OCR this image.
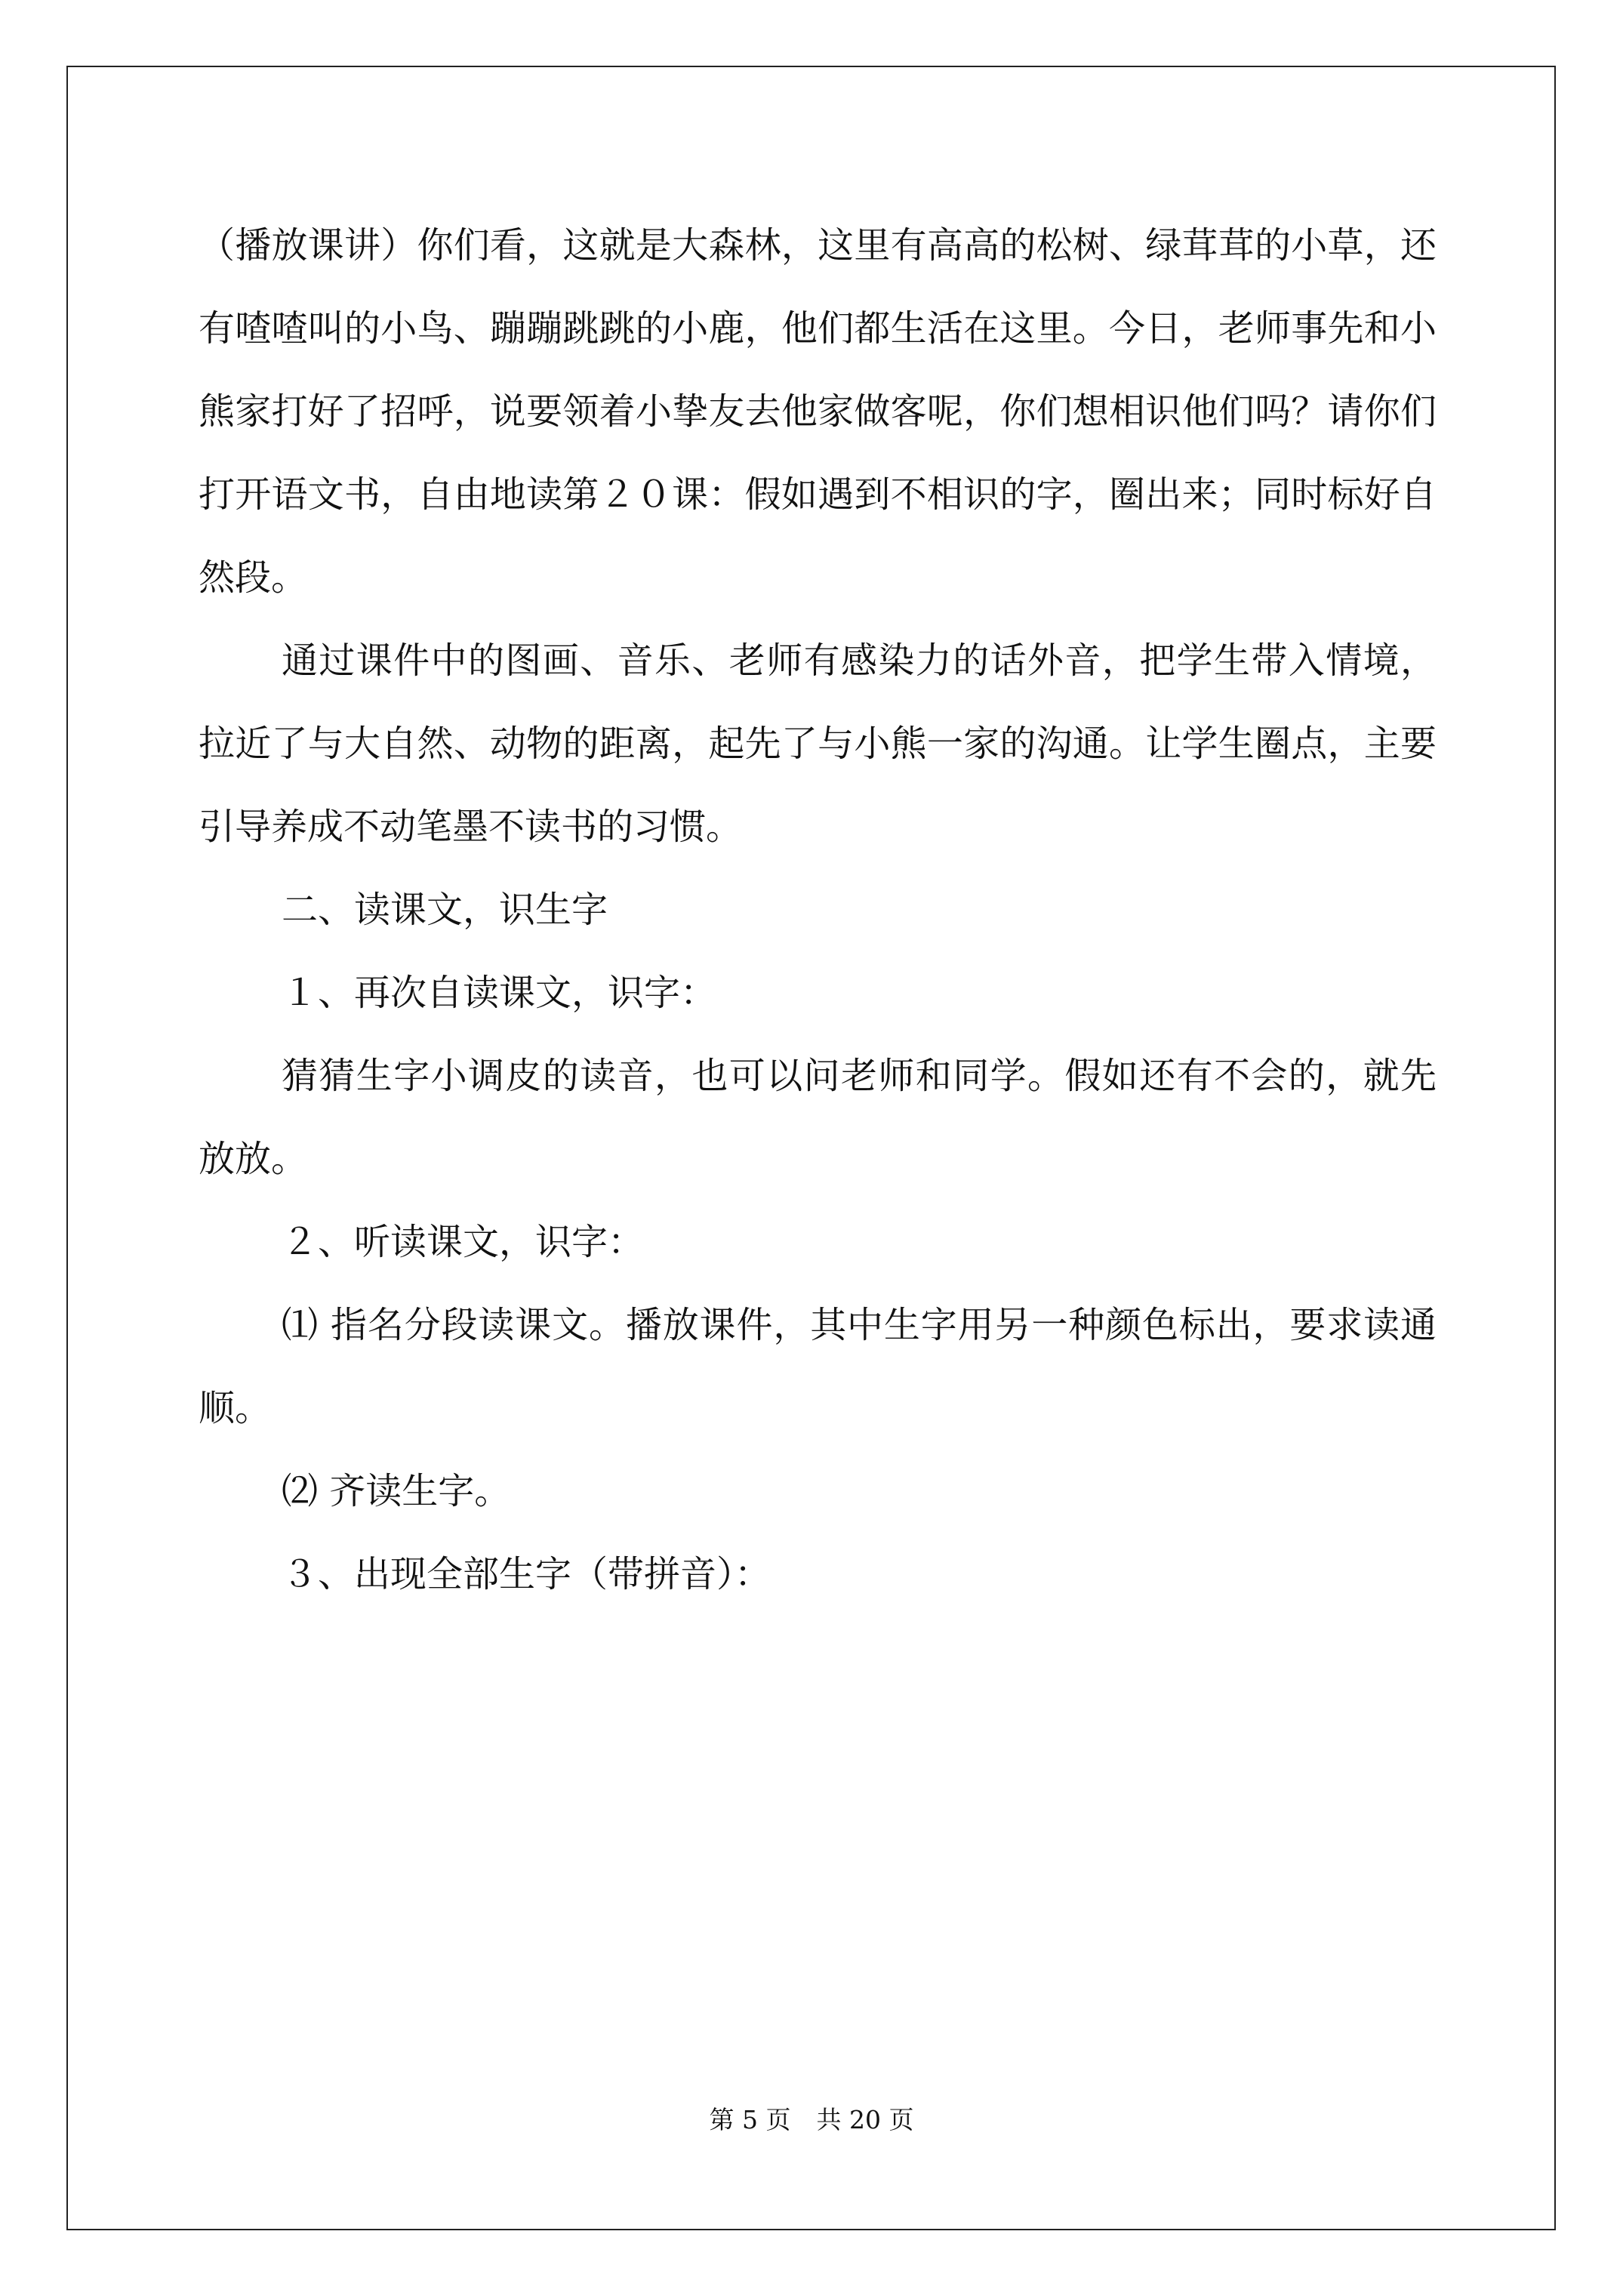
（播放课讲）你们看，这就是大森林，这里有高高的松树、绿茸茸的小草，还有喳喳叫的小鸟、蹦蹦跳跳的小鹿，他们都生活在这里。今日，老师事先和小熊家打好了招呼，说要领着小挚友去他家做客呢，你们想相识他们吗？请你们打开语文书，自由地读第２０课：假如遇到不相识的字，圈出来；同时标好自然段。

通过课件中的图画、音乐、老师有感染力的话外音，把学生带入情境，拉近了与大自然、动物的距离，起先了与小熊一家的沟通。让学生圈点，主要引导养成不动笔墨不读书的习惯。

二、读课文，识生字

１、再次自读课文，识字：

猜猜生字小调皮的读音，也可以问老师和同学。假如还有不会的，就先放放。

２、听读课文，识字：

⑴ 指名分段读课文。播放课件，其中生字用另一种颜色标出，要求读通顺。

⑵ 齐读生字。

３、出现全部生字（带拼音）：

第 5 页 共 20 页
